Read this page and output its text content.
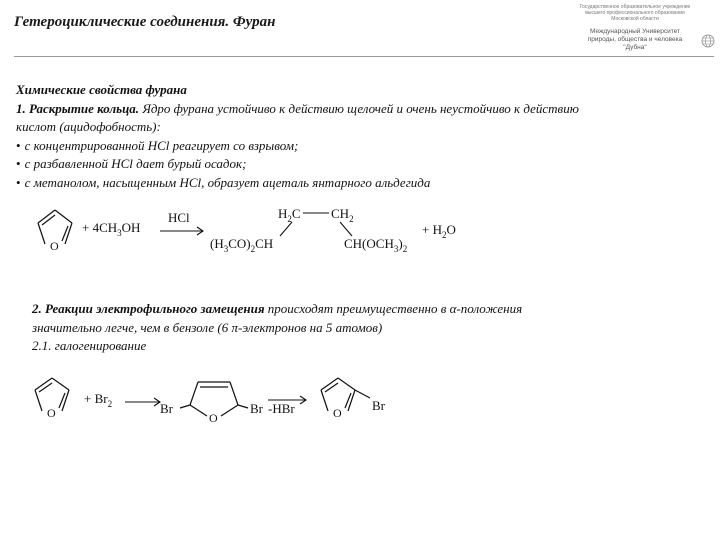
Гетероциклические соединения. Фуран
Государственное образовательное учреждение
высшего профессионального образования
Московской области
Международный Университет
природы, общества и человека
"Дубна"

Химические свойства фурана

1. Раскрытие кольца. Ядро фурана устойчиво к действию щелочей и очень неустойчиво к действию

кислот (ацидофобность):

• с концентрированной HCl реагирует со взрывом;

• с разбавленной HCl дает бурый осадок;

• с метанолом, насыщенным HCl, образует ацеталь янтарного альдегида

O
+ $4CH_3OH$
HCl	$H_2C$ $CH_2$
$(H_3CO)_2CH$	$CH(OCH_3)_2$
+ $H_2O$

2. Реакции электрофильного замещения происходят преимущественно в α-положения

значительно легче, чем в бензоле (6 π-электронов на 5 атомов)

2.1. галогенирование

O
+ $Br_2$
O
Br	Br -HBr	O Br
